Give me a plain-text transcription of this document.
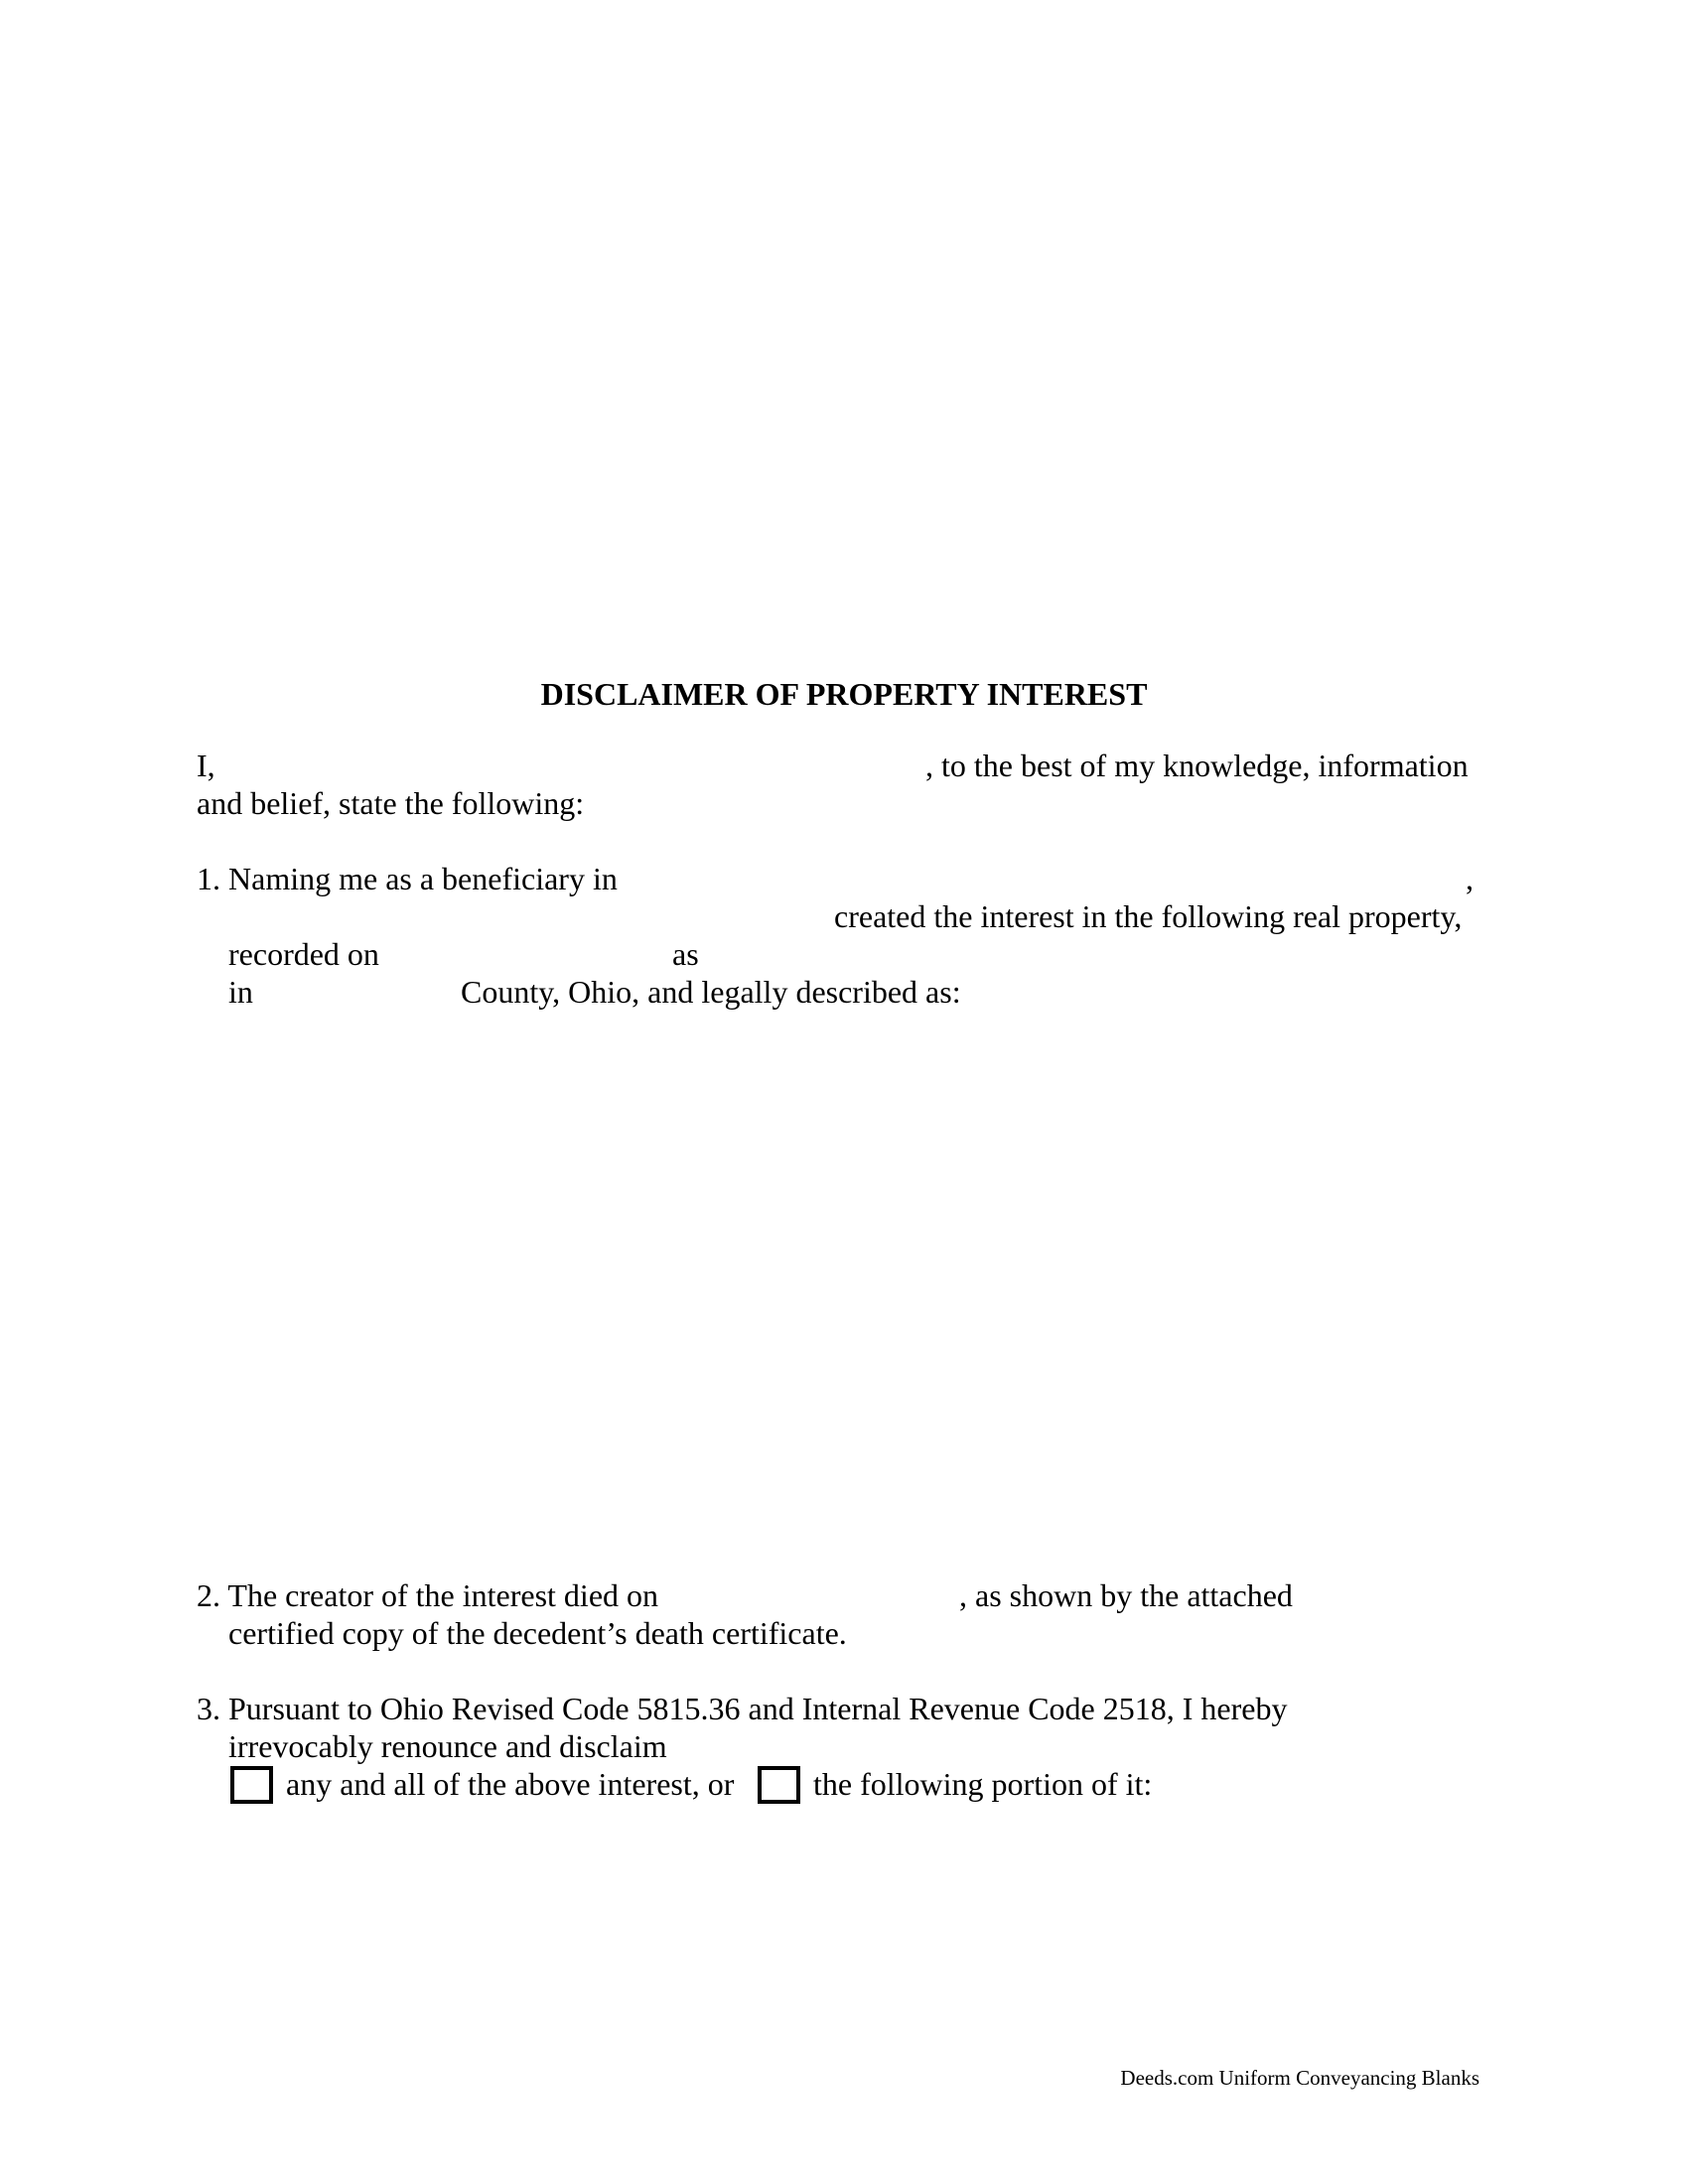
DISCLAIMER OF PROPERTY INTEREST
I,	, to the best of my knowledge, information
and belief, state the following:
1. Naming me as a beneficiary in	,
created the interest in the following real property,
recorded on	as
in	County, Ohio, and legally described as:
2. The creator of the interest died on	, as shown by the attached
certified copy of the decedent’s death certificate.
3. Pursuant to Ohio Revised Code 5815.36 and Internal Revenue Code 2518, I hereby
irrevocably renounce and disclaim
any and all of the above interest, or the following portion of it:
Deeds.com Uniform Conveyancing Blanks
